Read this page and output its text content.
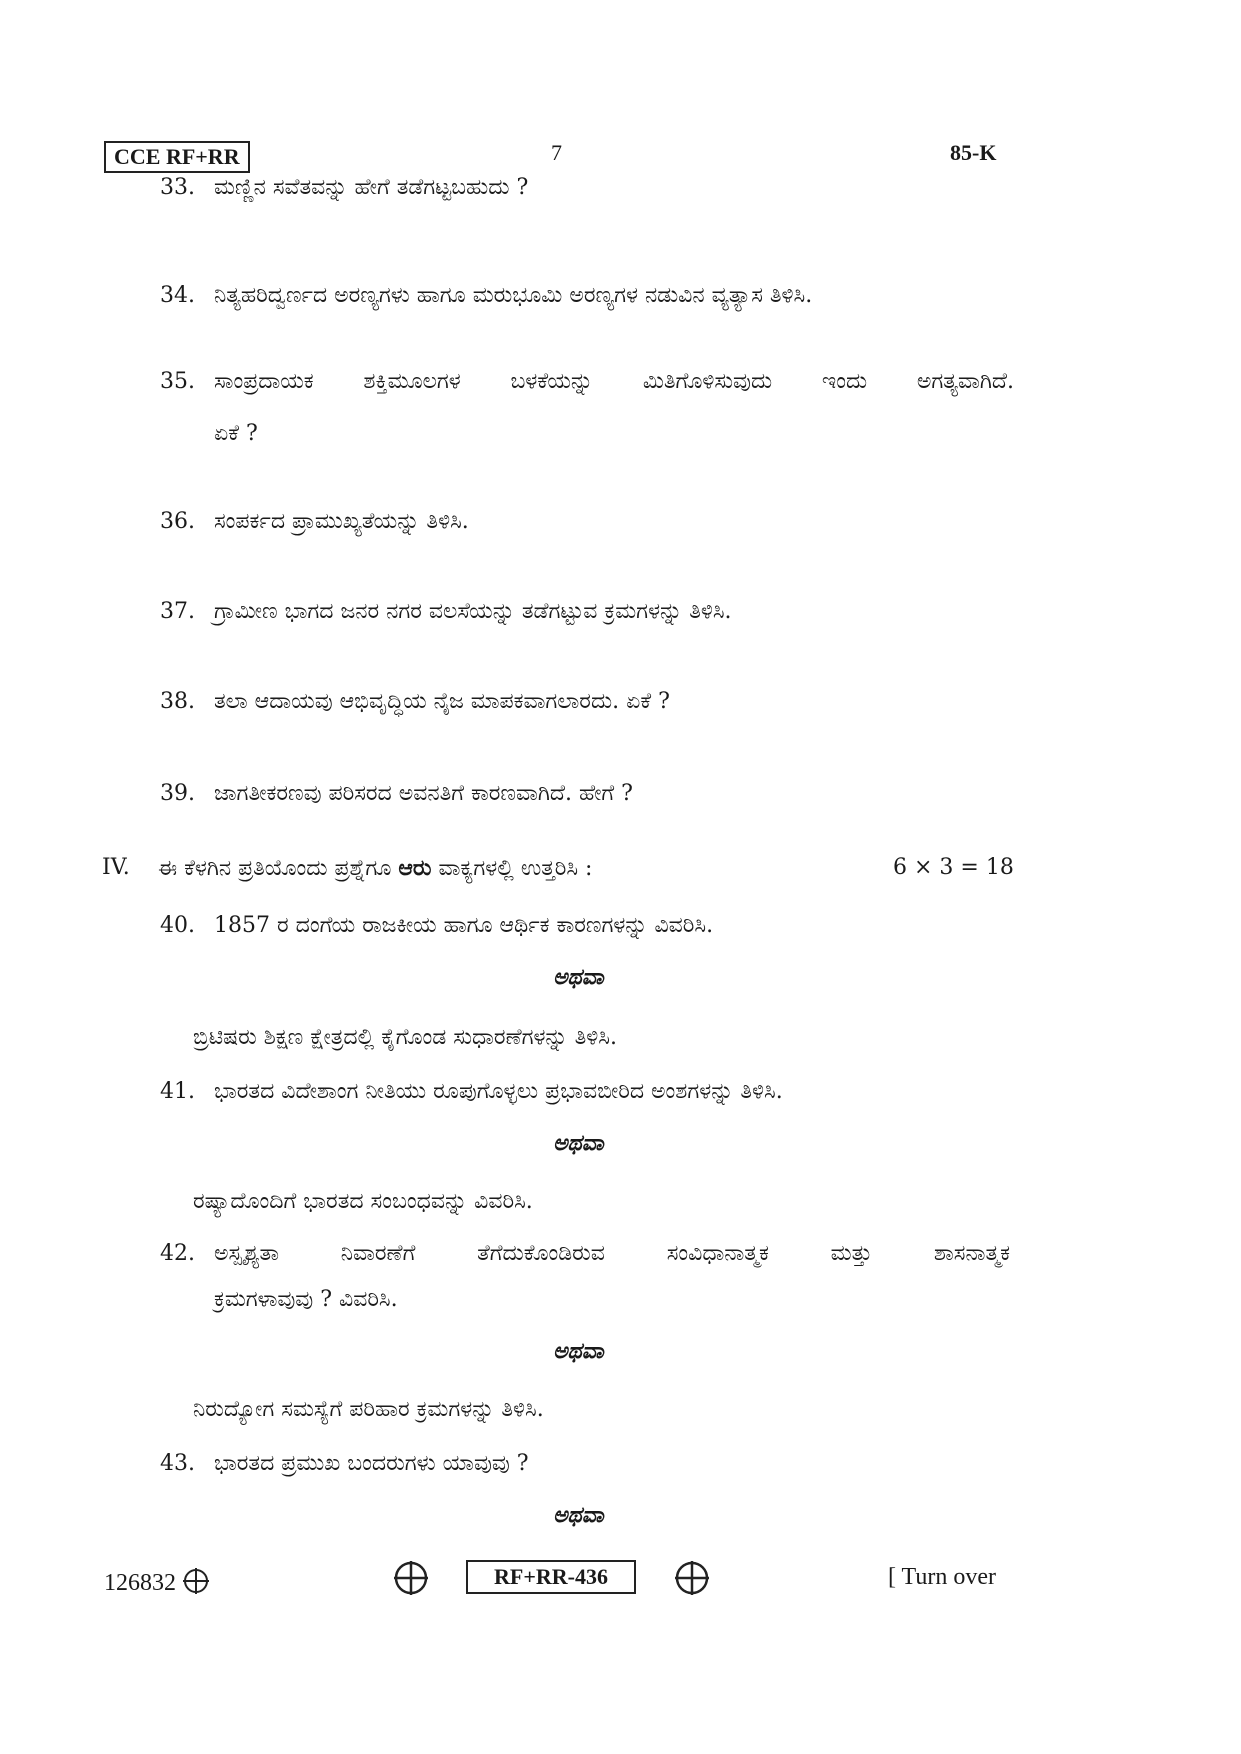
CCE RF+RR	7	85-K
33. ಮಣ್ಣಿನ ಸವೆತವನ್ನು ಹೇಗೆ ತಡೆಗಟ್ಟಬಹುದು ?
34. ನಿತ್ಯಹರಿದ್ವರ್ಣದ ಅರಣ್ಯಗಳು ಹಾಗೂ ಮರುಭೂಮಿ ಅರಣ್ಯಗಳ ನಡುವಿನ ವ್ಯತ್ಯಾಸ ತಿಳಿಸಿ.
35. ಸಾಂಪ್ರದಾಯಕ ಶಕ್ತಿಮೂಲಗಳ ಬಳಕೆಯನ್ನು ಮಿತಿಗೊಳಿಸುವುದು ಇಂದು ಅಗತ್ಯವಾಗಿದೆ.
ಏಕೆ ?
36. ಸಂಪರ್ಕದ ಪ್ರಾಮುಖ್ಯತೆಯನ್ನು ತಿಳಿಸಿ.
37. ಗ್ರಾಮೀಣ ಭಾಗದ ಜನರ ನಗರ ವಲಸೆಯನ್ನು ತಡೆಗಟ್ಟುವ ಕ್ರಮಗಳನ್ನು ತಿಳಿಸಿ.
38. ತಲಾ ಆದಾಯವು ಆಭಿವೃದ್ಧಿಯ ನೈಜ ಮಾಪಕವಾಗಲಾರದು. ಏಕೆ ?
39. ಜಾಗತೀಕರಣವು ಪರಿಸರದ ಅವನತಿಗೆ ಕಾರಣವಾಗಿದೆ. ಹೇಗೆ ?
IV. ಈ ಕೆಳಗಿನ ಪ್ರತಿಯೊಂದು ಪ್ರಶ್ನೆಗೂ ಆರು ವಾಕ್ಯಗಳಲ್ಲಿ ಉತ್ತರಿಸಿ :	6 × 3 = 18
40. 1857 ರ ದಂಗೆಯ ರಾಜಕೀಯ ಹಾಗೂ ಆರ್ಥಿಕ ಕಾರಣಗಳನ್ನು ವಿವರಿಸಿ.
ಅಥವಾ
ಬ್ರಿಟಿಷರು ಶಿಕ್ಷಣ ಕ್ಷೇತ್ರದಲ್ಲಿ ಕೈಗೊಂಡ ಸುಧಾರಣೆಗಳನ್ನು ತಿಳಿಸಿ.
41. ಭಾರತದ ವಿದೇಶಾಂಗ ನೀತಿಯು ರೂಪುಗೊಳ್ಳಲು ಪ್ರಭಾವಬೀರಿದ ಅಂಶಗಳನ್ನು ತಿಳಿಸಿ.
ಅಥವಾ
ರಷ್ಯಾದೊಂದಿಗೆ ಭಾರತದ ಸಂಬಂಧವನ್ನು ವಿವರಿಸಿ.
42. ಅಸ್ಪೃಶ್ಯತಾ ನಿವಾರಣೆಗೆ ತೆಗೆದುಕೊಂಡಿರುವ ಸಂವಿಧಾನಾತ್ಮಕ ಮತ್ತು ಶಾಸನಾತ್ಮಕ
ಕ್ರಮಗಳಾವುವು ? ವಿವರಿಸಿ.
ಅಥವಾ
ನಿರುದ್ಯೋಗ ಸಮಸ್ಯೆಗೆ ಪರಿಹಾರ ಕ್ರಮಗಳನ್ನು ತಿಳಿಸಿ.
43. ಭಾರತದ ಪ್ರಮುಖ ಬಂದರುಗಳು ಯಾವುವು ?
ಅಥವಾ
126832	RF+RR-436	[ Turn over
